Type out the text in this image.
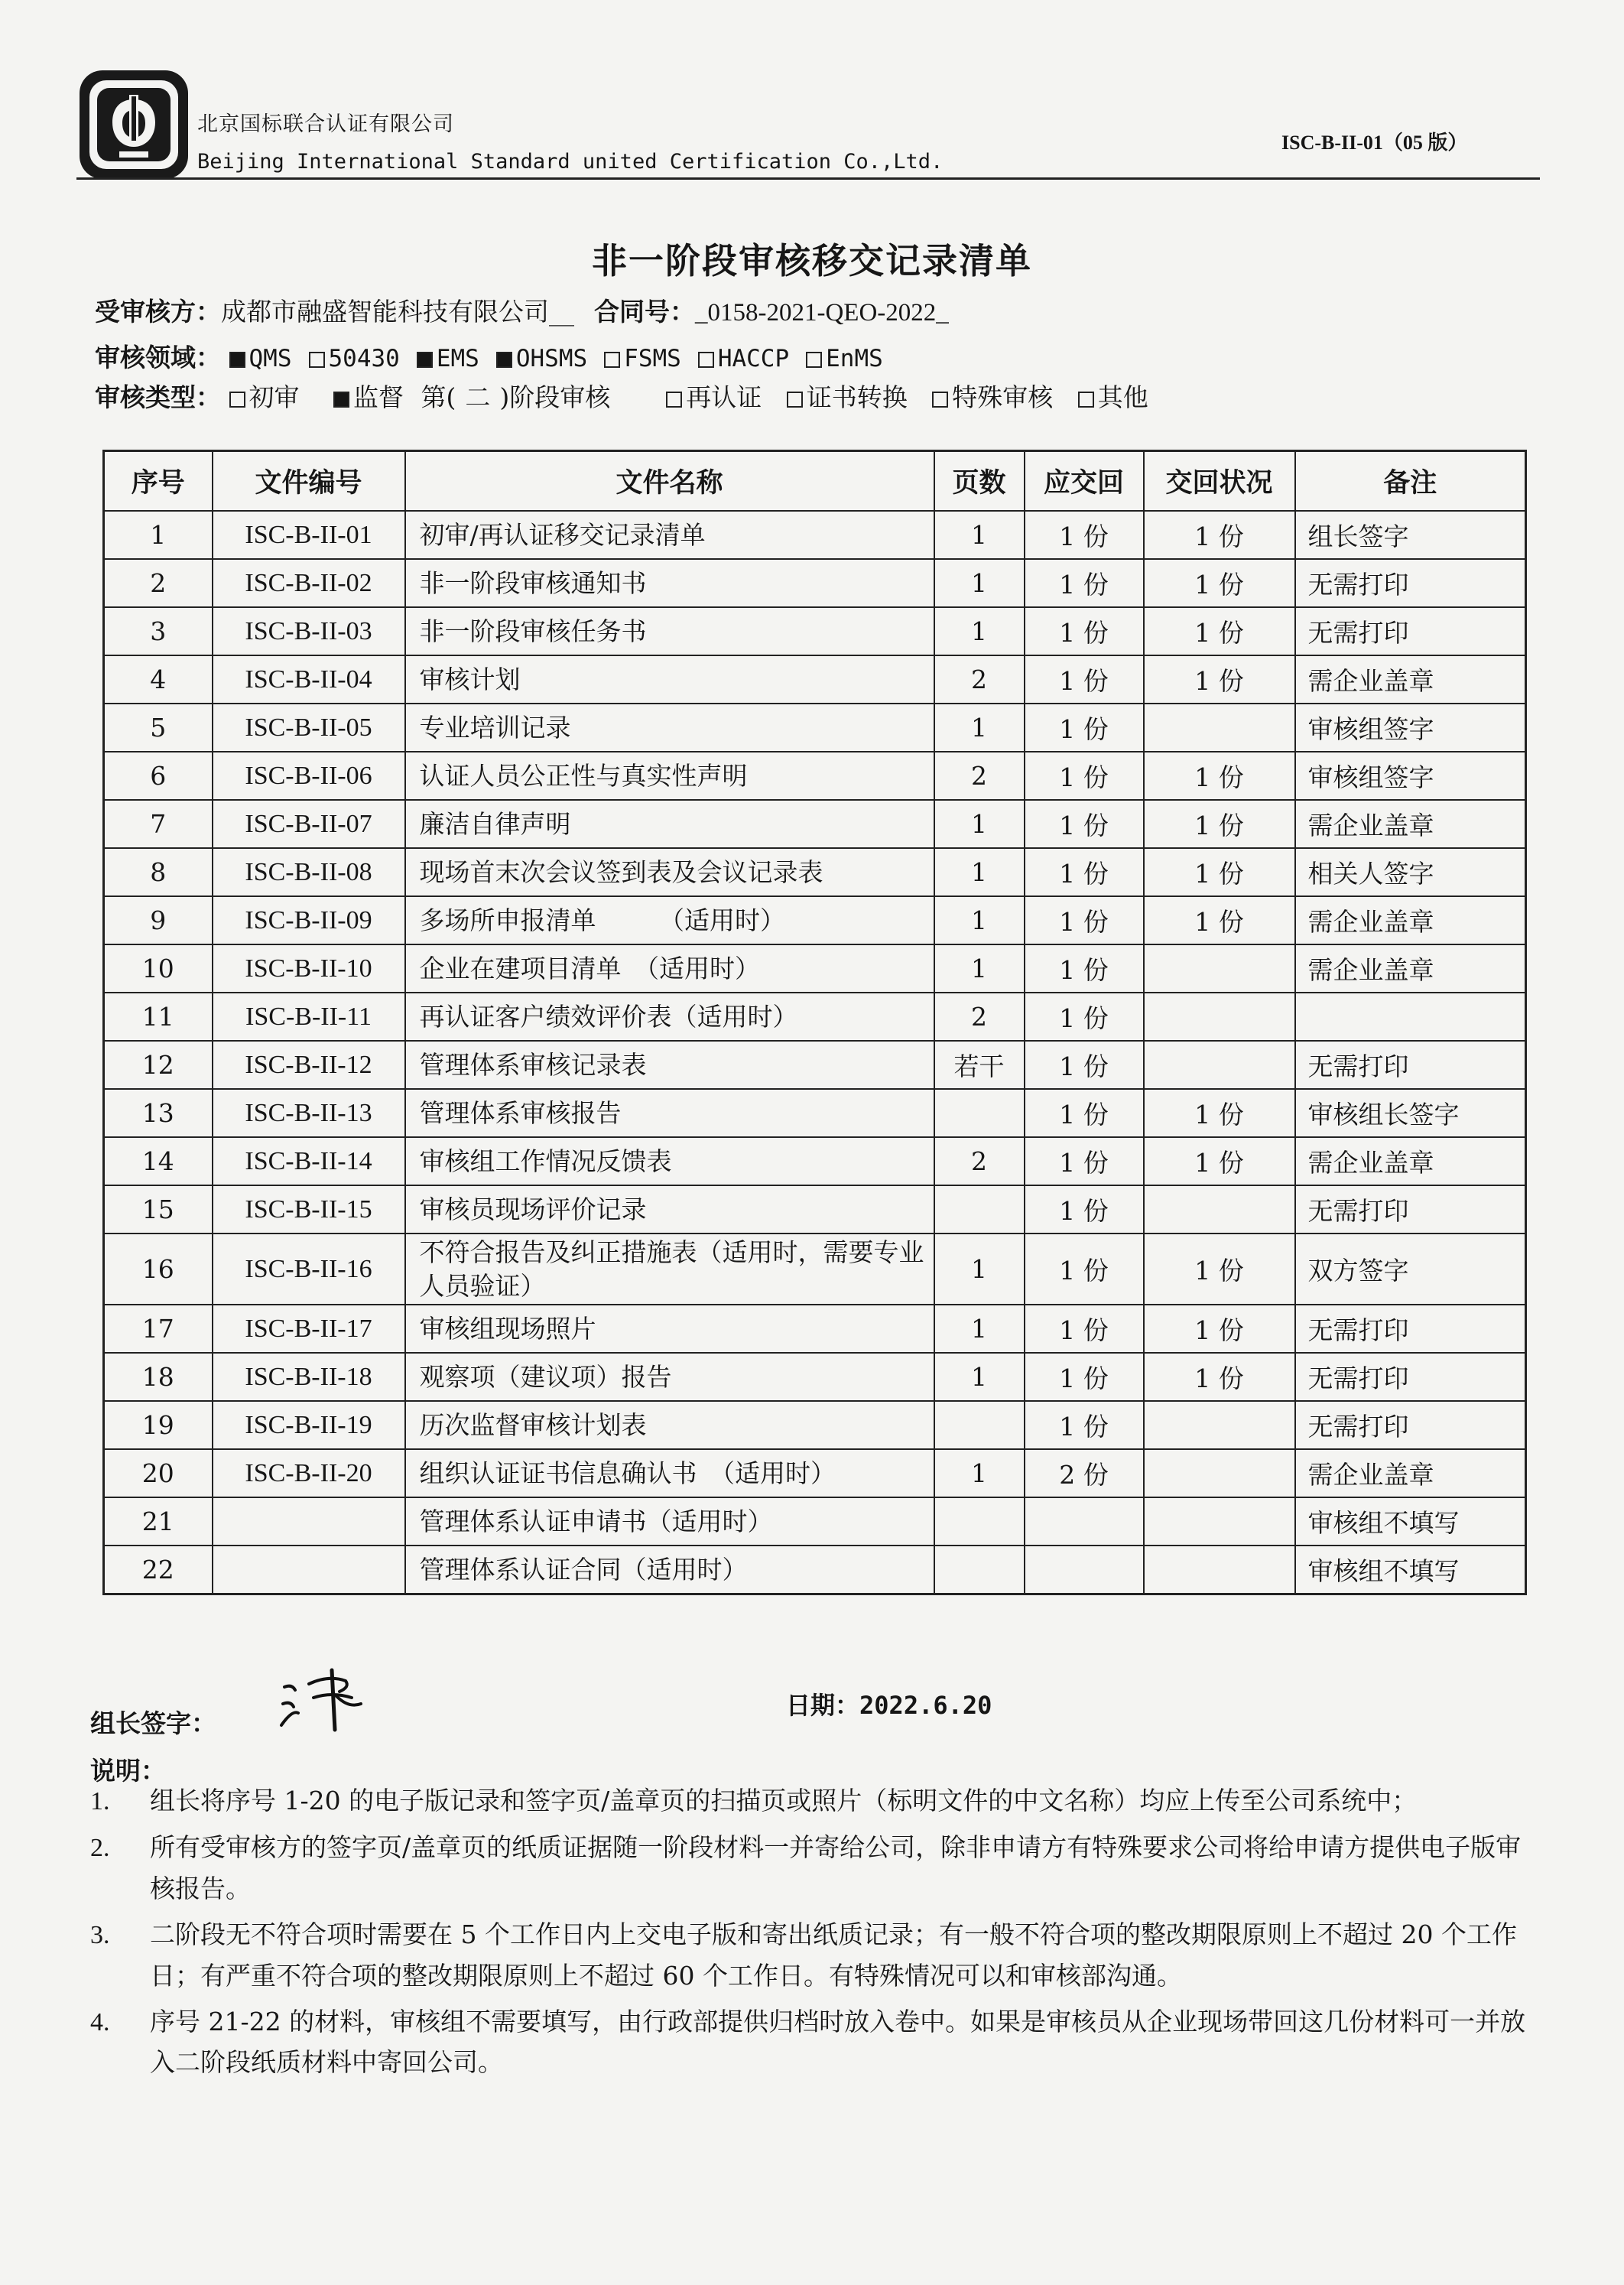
北京国标联合认证有限公司
Beijing International Standard united Certification Co.,Ltd.
ISC-B-II-01（05 版）
非一阶段审核移交记录清单
受审核方：成都市融盛智能科技有限公司__ 合同号：_0158-2021-QEO-2022_
审核领域： QMS 50430 EMS OHSMS FSMS HACCP EnMS
审核类型： 初审 监督 第( 二 )阶段审核	再认证 证书转换 特殊审核 其他
序号	文件编号	文件名称	页数	应交回	交回状况	备注
1	ISC-B-II-01	初审/再认证移交记录清单	1	1 份	1 份	组长签字
2	ISC-B-II-02	非一阶段审核通知书	1	1 份	1 份	无需打印
3	ISC-B-II-03	非一阶段审核任务书	1	1 份	1 份	无需打印
4	ISC-B-II-04	审核计划	2	1 份	1 份	需企业盖章
5	ISC-B-II-05	专业培训记录	1	1 份		审核组签字
6	ISC-B-II-06	认证人员公正性与真实性声明	2	1 份	1 份	审核组签字
7	ISC-B-II-07	廉洁自律声明	1	1 份	1 份	需企业盖章
8	ISC-B-II-08	现场首末次会议签到表及会议记录表	1	1 份	1 份	相关人签字
9	ISC-B-II-09	多场所申报清单　　　（适用时）	1	1 份	1 份	需企业盖章
10	ISC-B-II-10	企业在建项目清单　（适用时）	1	1 份		需企业盖章
11	ISC-B-II-11	再认证客户绩效评价表（适用时）	2	1 份		
12	ISC-B-II-12	管理体系审核记录表	若干	1 份		无需打印
13	ISC-B-II-13	管理体系审核报告		1 份	1 份	审核组长签字
14	ISC-B-II-14	审核组工作情况反馈表	2	1 份	1 份	需企业盖章
15	ISC-B-II-15	审核员现场评价记录		1 份		无需打印
16	ISC-B-II-16	不符合报告及纠正措施表（适用时，需要专业人员验证）	1	1 份	1 份	双方签字
17	ISC-B-II-17	审核组现场照片	1	1 份	1 份	无需打印
18	ISC-B-II-18	观察项（建议项）报告	1	1 份	1 份	无需打印
19	ISC-B-II-19	历次监督审核计划表		1 份		无需打印
20	ISC-B-II-20	组织认证证书信息确认书　（适用时）	1	2 份		需企业盖章
21		管理体系认证申请书（适用时）				审核组不填写
22		管理体系认证合同（适用时）				审核组不填写
组长签字：
日期：2022.6.20
说明：
1.	组长将序号 1-20 的电子版记录和签字页/盖章页的扫描页或照片（标明文件的中文名称）均应上传至公司系统中；
2.	所有受审核方的签字页/盖章页的纸质证据随一阶段材料一并寄给公司，除非申请方有特殊要求公司将给申请方提供电子版审核报告。
3.	二阶段无不符合项时需要在 5 个工作日内上交电子版和寄出纸质记录；有一般不符合项的整改期限原则上不超过 20 个工作日；有严重不符合项的整改期限原则上不超过 60 个工作日。有特殊情况可以和审核部沟通。
4.	序号 21-22 的材料，审核组不需要填写，由行政部提供归档时放入卷中。如果是审核员从企业现场带回这几份材料可一并放入二阶段纸质材料中寄回公司。
